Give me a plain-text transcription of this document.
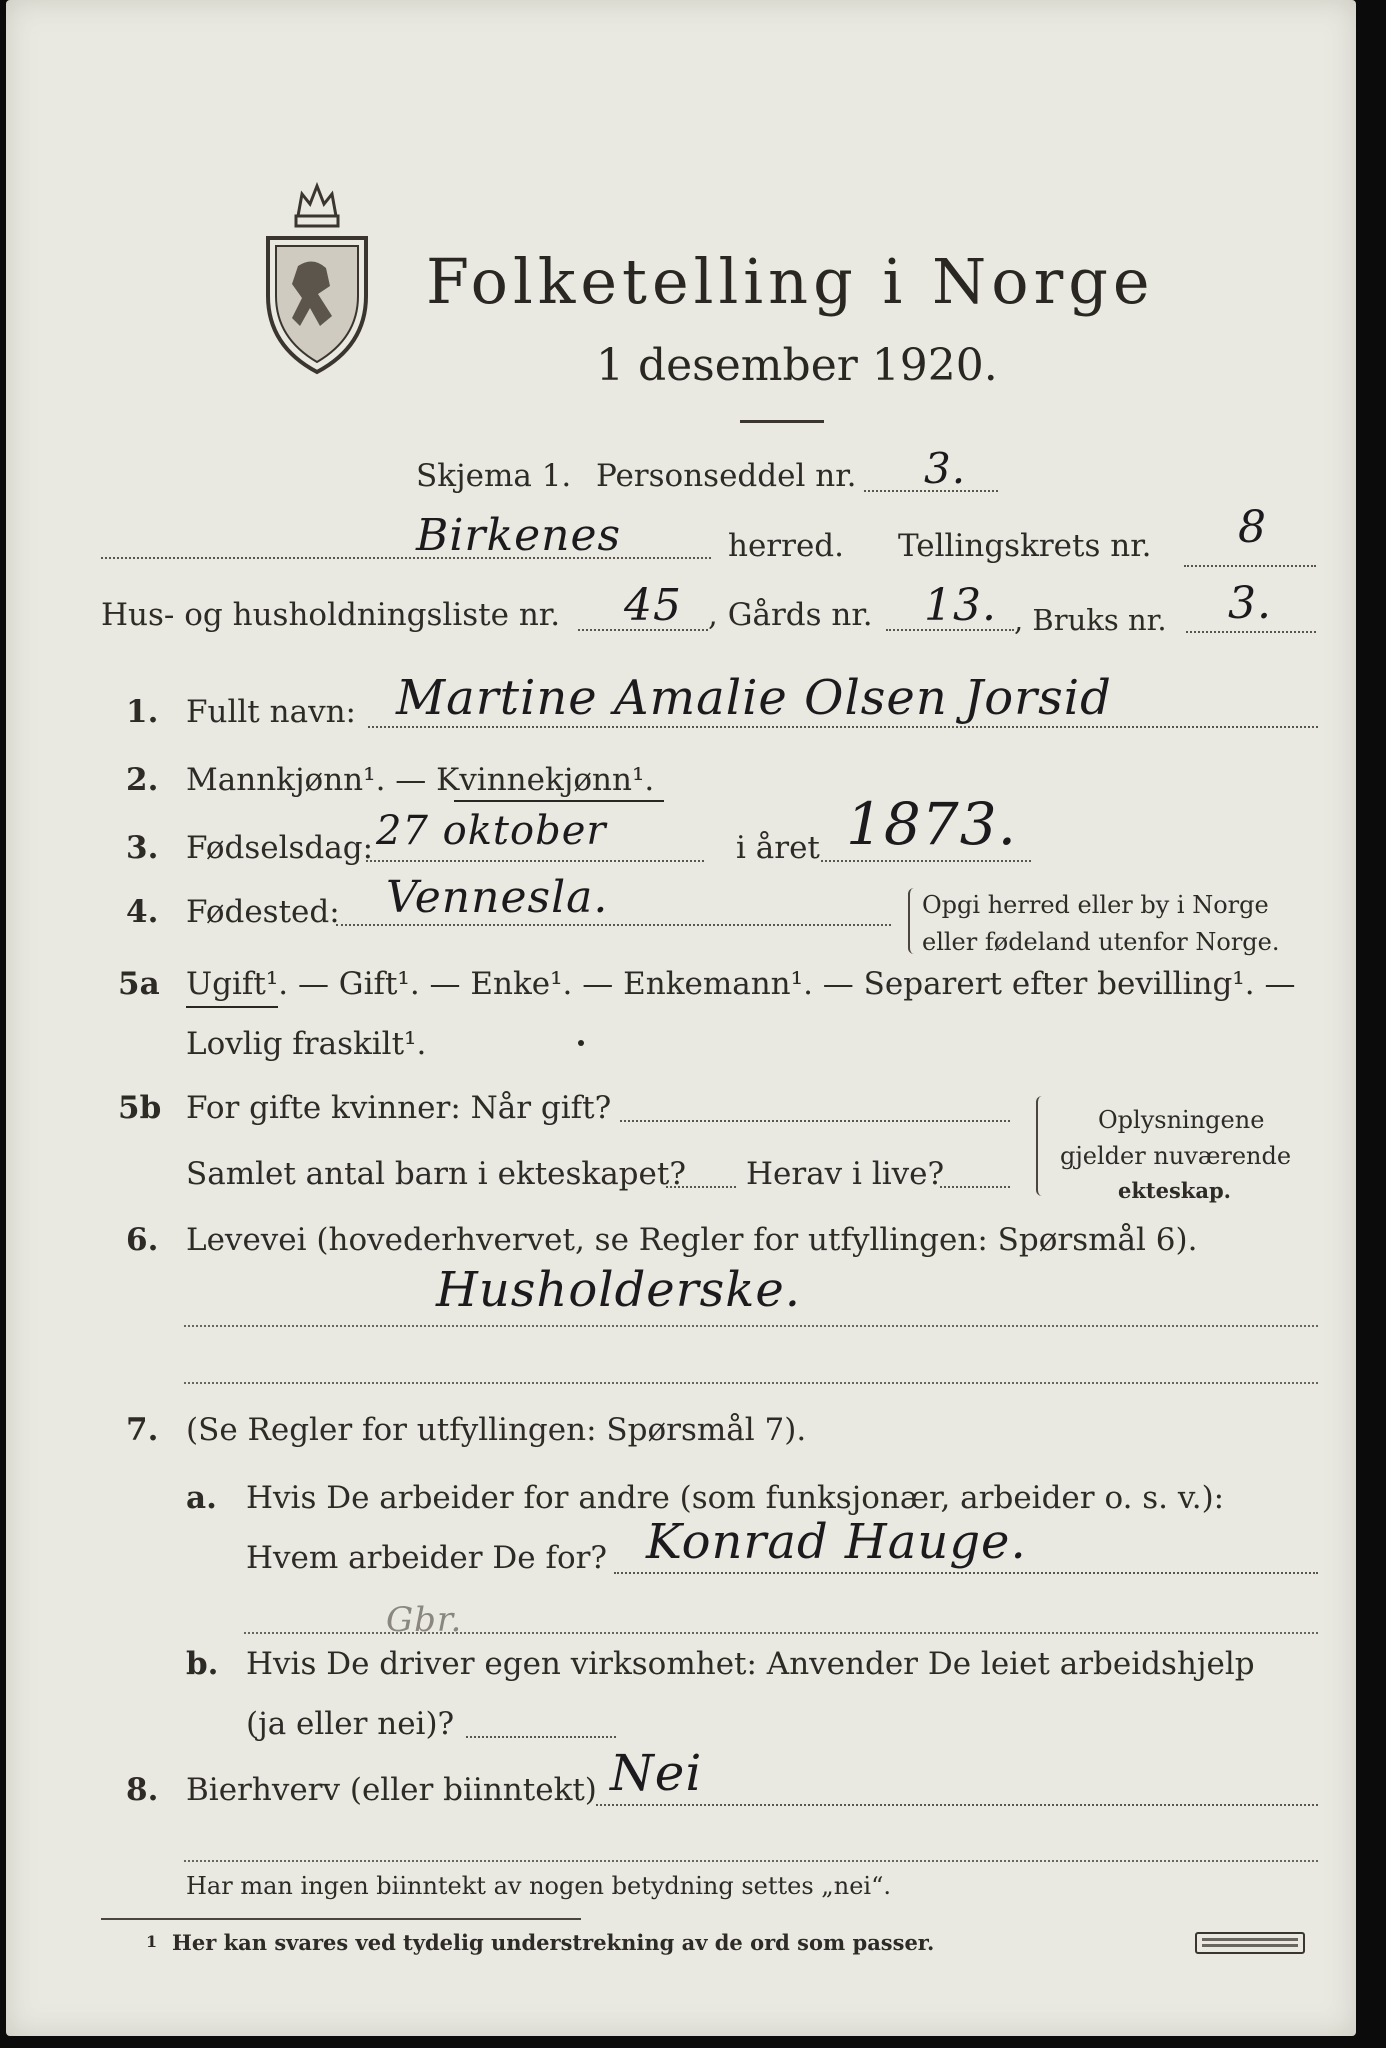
Folketelling i Norge
1 desember 1920.
Skjema 1. Personseddel nr. 3.
Birkenes	herred. Tellingskrets nr. 8
Hus- og husholdningsliste nr. 45 , Gårds nr. 13. , Bruks nr. 3.
1. Fullt navn: Martine Amalie Olsen Jorsid
2. Mannkjønn¹. — Kvinnekjønn¹.
3. Fødselsdag: 27 oktober	i året 1873.
4. Fødested: Vennesla.	Opgi herred eller by i Norge
eller fødeland utenfor Norge.
5a Ugift¹. — Gift¹. — Enke¹. — Enkemann¹. — Separert efter bevilling¹. —
Lovlig fraskilt¹.
5b For gifte kvinner: Når gift?
Samlet antal barn i ekteskapet? Herav i live?
Oplysningene
gjelder nuværende
ekteskap.
6. Levevei (hovederhvervet, se Regler for utfyllingen: Spørsmål 6).
Husholderske.
7. (Se Regler for utfyllingen: Spørsmål 7).
a. Hvis De arbeider for andre (som funksjonær, arbeider o. s. v.):
Hvem arbeider De for? Konrad Hauge.
Gbr.
b. Hvis De driver egen virksomhet: Anvender De leiet arbeidshjelp
(ja eller nei)?
8. Bierhverv (eller biinntekt) Nei
Har man ingen biinntekt av nogen betydning settes „nei“.
1 Her kan svares ved tydelig understrekning av de ord som passer.
